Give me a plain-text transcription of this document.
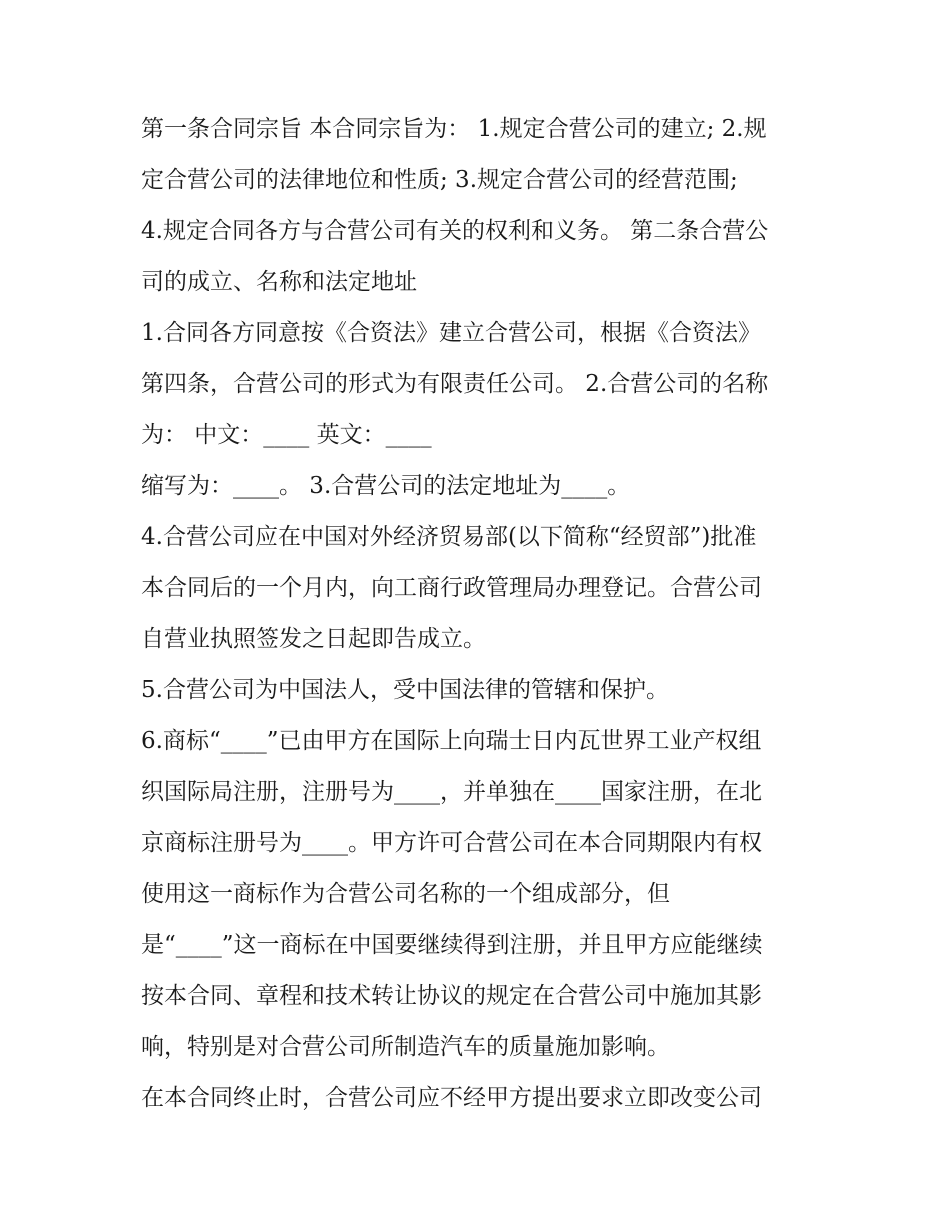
第一条合同宗旨 本合同宗旨为： 1.规定合营公司的建立; 2.规
定合营公司的法律地位和性质; 3.规定合营公司的经营范围;
4.规定合同各方与合营公司有关的权利和义务。 第二条合营公
司的成立、名称和法定地址

1.合同各方同意按《合资法》建立合营公司，根据《合资法》
第四条，合营公司的形式为有限责任公司。 2.合营公司的名称
为： 中文：____ 英文：____

缩写为：____。 3.合营公司的法定地址为____。

4.合营公司应在中国对外经济贸易部(以下简称“经贸部”)批准
本合同后的一个月内，向工商行政管理局办理登记。合营公司
自营业执照签发之日起即告成立。

5.合营公司为中国法人，受中国法律的管辖和保护。

6.商标“____”已由甲方在国际上向瑞士日内瓦世界工业产权组
织国际局注册，注册号为____，并单独在____国家注册，在北
京商标注册号为____。甲方许可合营公司在本合同期限内有权
使用这一商标作为合营公司名称的一个组成部分，但
是“____”这一商标在中国要继续得到注册，并且甲方应能继续
按本合同、章程和技术转让协议的规定在合营公司中施加其影
响，特别是对合营公司所制造汽车的质量施加影响。

在本合同终止时，合营公司应不经甲方提出要求立即改变公司
